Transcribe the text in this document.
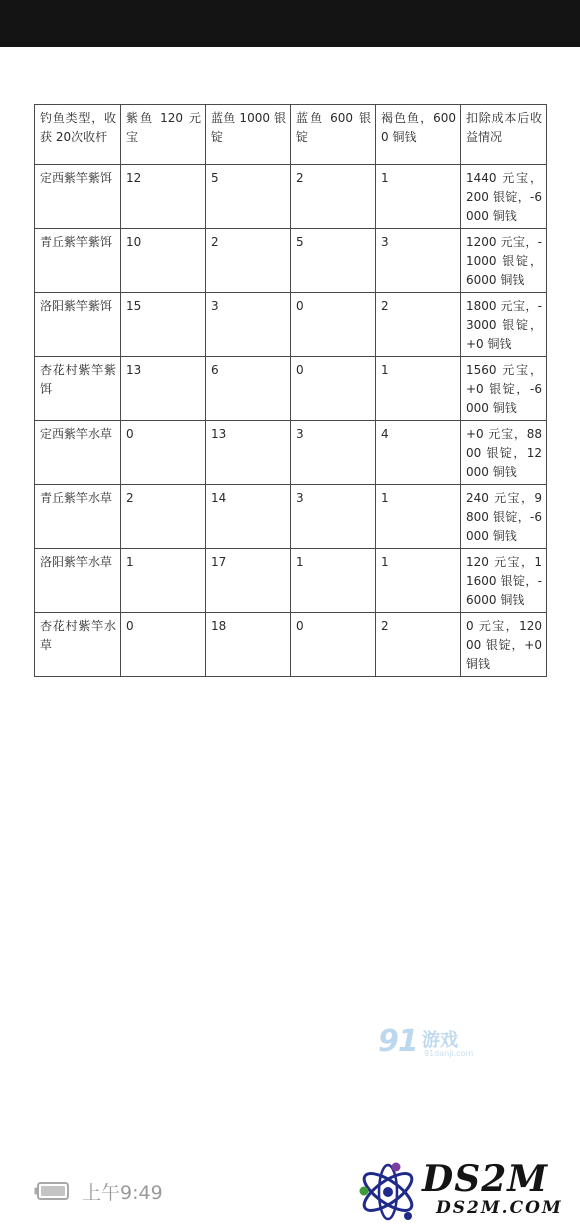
钓鱼类型，收获 20次收杆	紫鱼 120 元宝	蓝鱼 1000 银锭	蓝鱼 600 银锭	褐色鱼，6000 铜钱	扣除成本后收益情况
定西紫竿紫饵	12	5	2	1	1440 元宝，200 银锭，-6000 铜钱
青丘紫竿紫饵	10	2	5	3	1200 元宝，-1000 银锭，6000 铜钱
洛阳紫竿紫饵	15	3	0	2	1800 元宝，-3000 银锭，+0 铜钱
杏花村紫竿紫饵	13	6	0	1	1560 元宝，+0 银锭，-6000 铜钱
定西紫竿水草	0	13	3	4	+0 元宝，8800 银锭，12000 铜钱
青丘紫竿水草	2	14	3	1	240 元宝，9800 银锭，-6000 铜钱
洛阳紫竿水草	1	17	1	1	120 元宝，11600 银锭，-6000 铜钱
杏花村紫竿水草	0	18	0	2	0 元宝，12000 银锭，+0 铜钱
91 游戏
91danji.com
上午9:49	DS2M
DS2M.COM
